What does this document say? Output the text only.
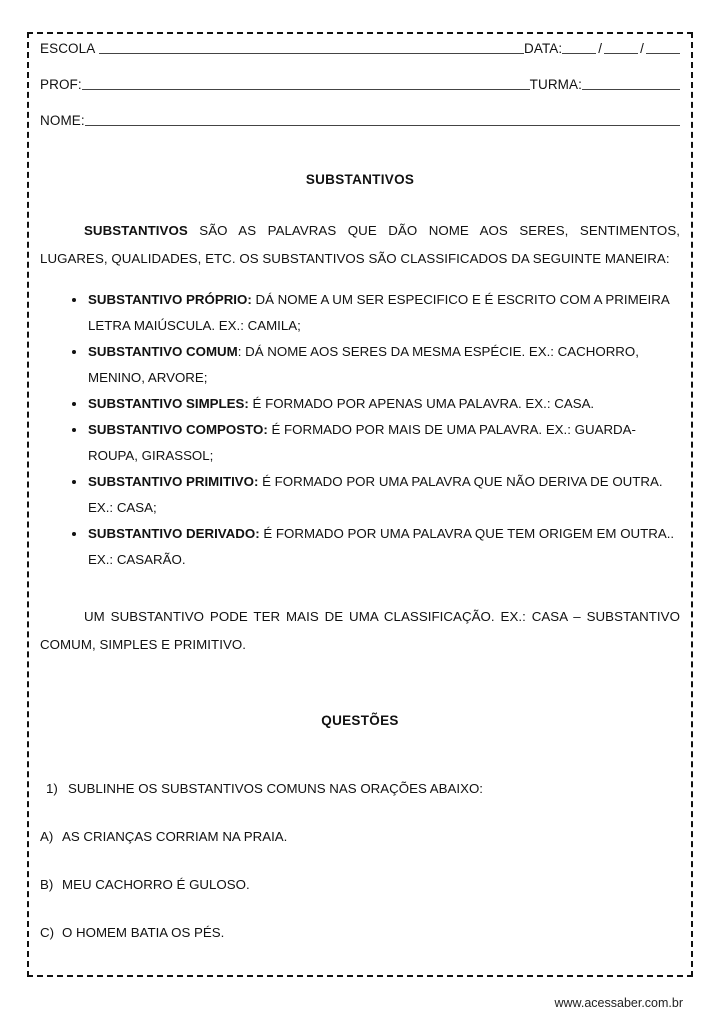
ESCOLA	DATA:	/	/
PROF:	TURMA:
NOME:
SUBSTANTIVOS
SUBSTANTIVOS SÃO AS PALAVRAS QUE DÃO NOME AOS SERES, SENTIMENTOS, LUGARES, QUALIDADES, ETC. OS SUBSTANTIVOS SÃO CLASSIFICADOS DA SEGUINTE MANEIRA:
SUBSTANTIVO PRÓPRIO: DÁ NOME A UM SER ESPECIFICO E É ESCRITO COM A PRIMEIRA LETRA MAIÚSCULA. EX.: CAMILA;
SUBSTANTIVO COMUM: DÁ NOME AOS SERES DA MESMA ESPÉCIE. EX.: CACHORRO, MENINO, ARVORE;
SUBSTANTIVO SIMPLES: É FORMADO POR APENAS UMA PALAVRA. EX.: CASA.
SUBSTANTIVO COMPOSTO: É FORMADO POR MAIS DE UMA PALAVRA. EX.: GUARDA-ROUPA, GIRASSOL;
SUBSTANTIVO PRIMITIVO: É FORMADO POR UMA PALAVRA QUE NÃO DERIVA DE OUTRA. EX.: CASA;
SUBSTANTIVO DERIVADO: É FORMADO POR UMA PALAVRA QUE TEM ORIGEM EM OUTRA.. EX.: CASARÃO.
UM SUBSTANTIVO PODE TER MAIS DE UMA CLASSIFICAÇÃO. EX.: CASA – SUBSTANTIVO COMUM, SIMPLES E PRIMITIVO.
QUESTÕES
1) SUBLINHE OS SUBSTANTIVOS COMUNS NAS ORAÇÕES ABAIXO:
A) AS CRIANÇAS CORRIAM NA PRAIA.
B) MEU CACHORRO É GULOSO.
C) O HOMEM BATIA OS PÉS.
www.acessaber.com.br
